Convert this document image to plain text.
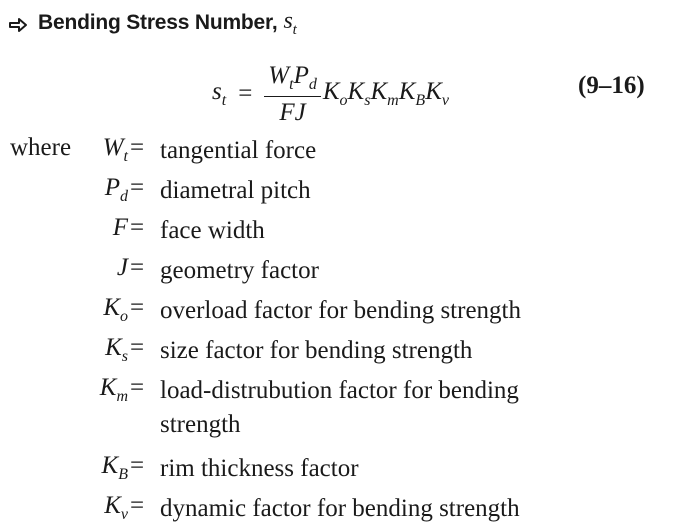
Bending Stress Number, $s_t$
$s_t = \frac{W_tP_d}{FJ} K_oK_sK_mK_BK_v$
(9–16)
where $W_t$ = tangential force
$P_d$ = diametral pitch
F = face width
J = geometry factor
$K_o$ = overload factor for bending strength
$K_s$ = size factor for bending strength
$K_m$ = load-distrubution factor for bending strength
$K_B$ = rim thickness factor
$K_v$ = dynamic factor for bending strength
